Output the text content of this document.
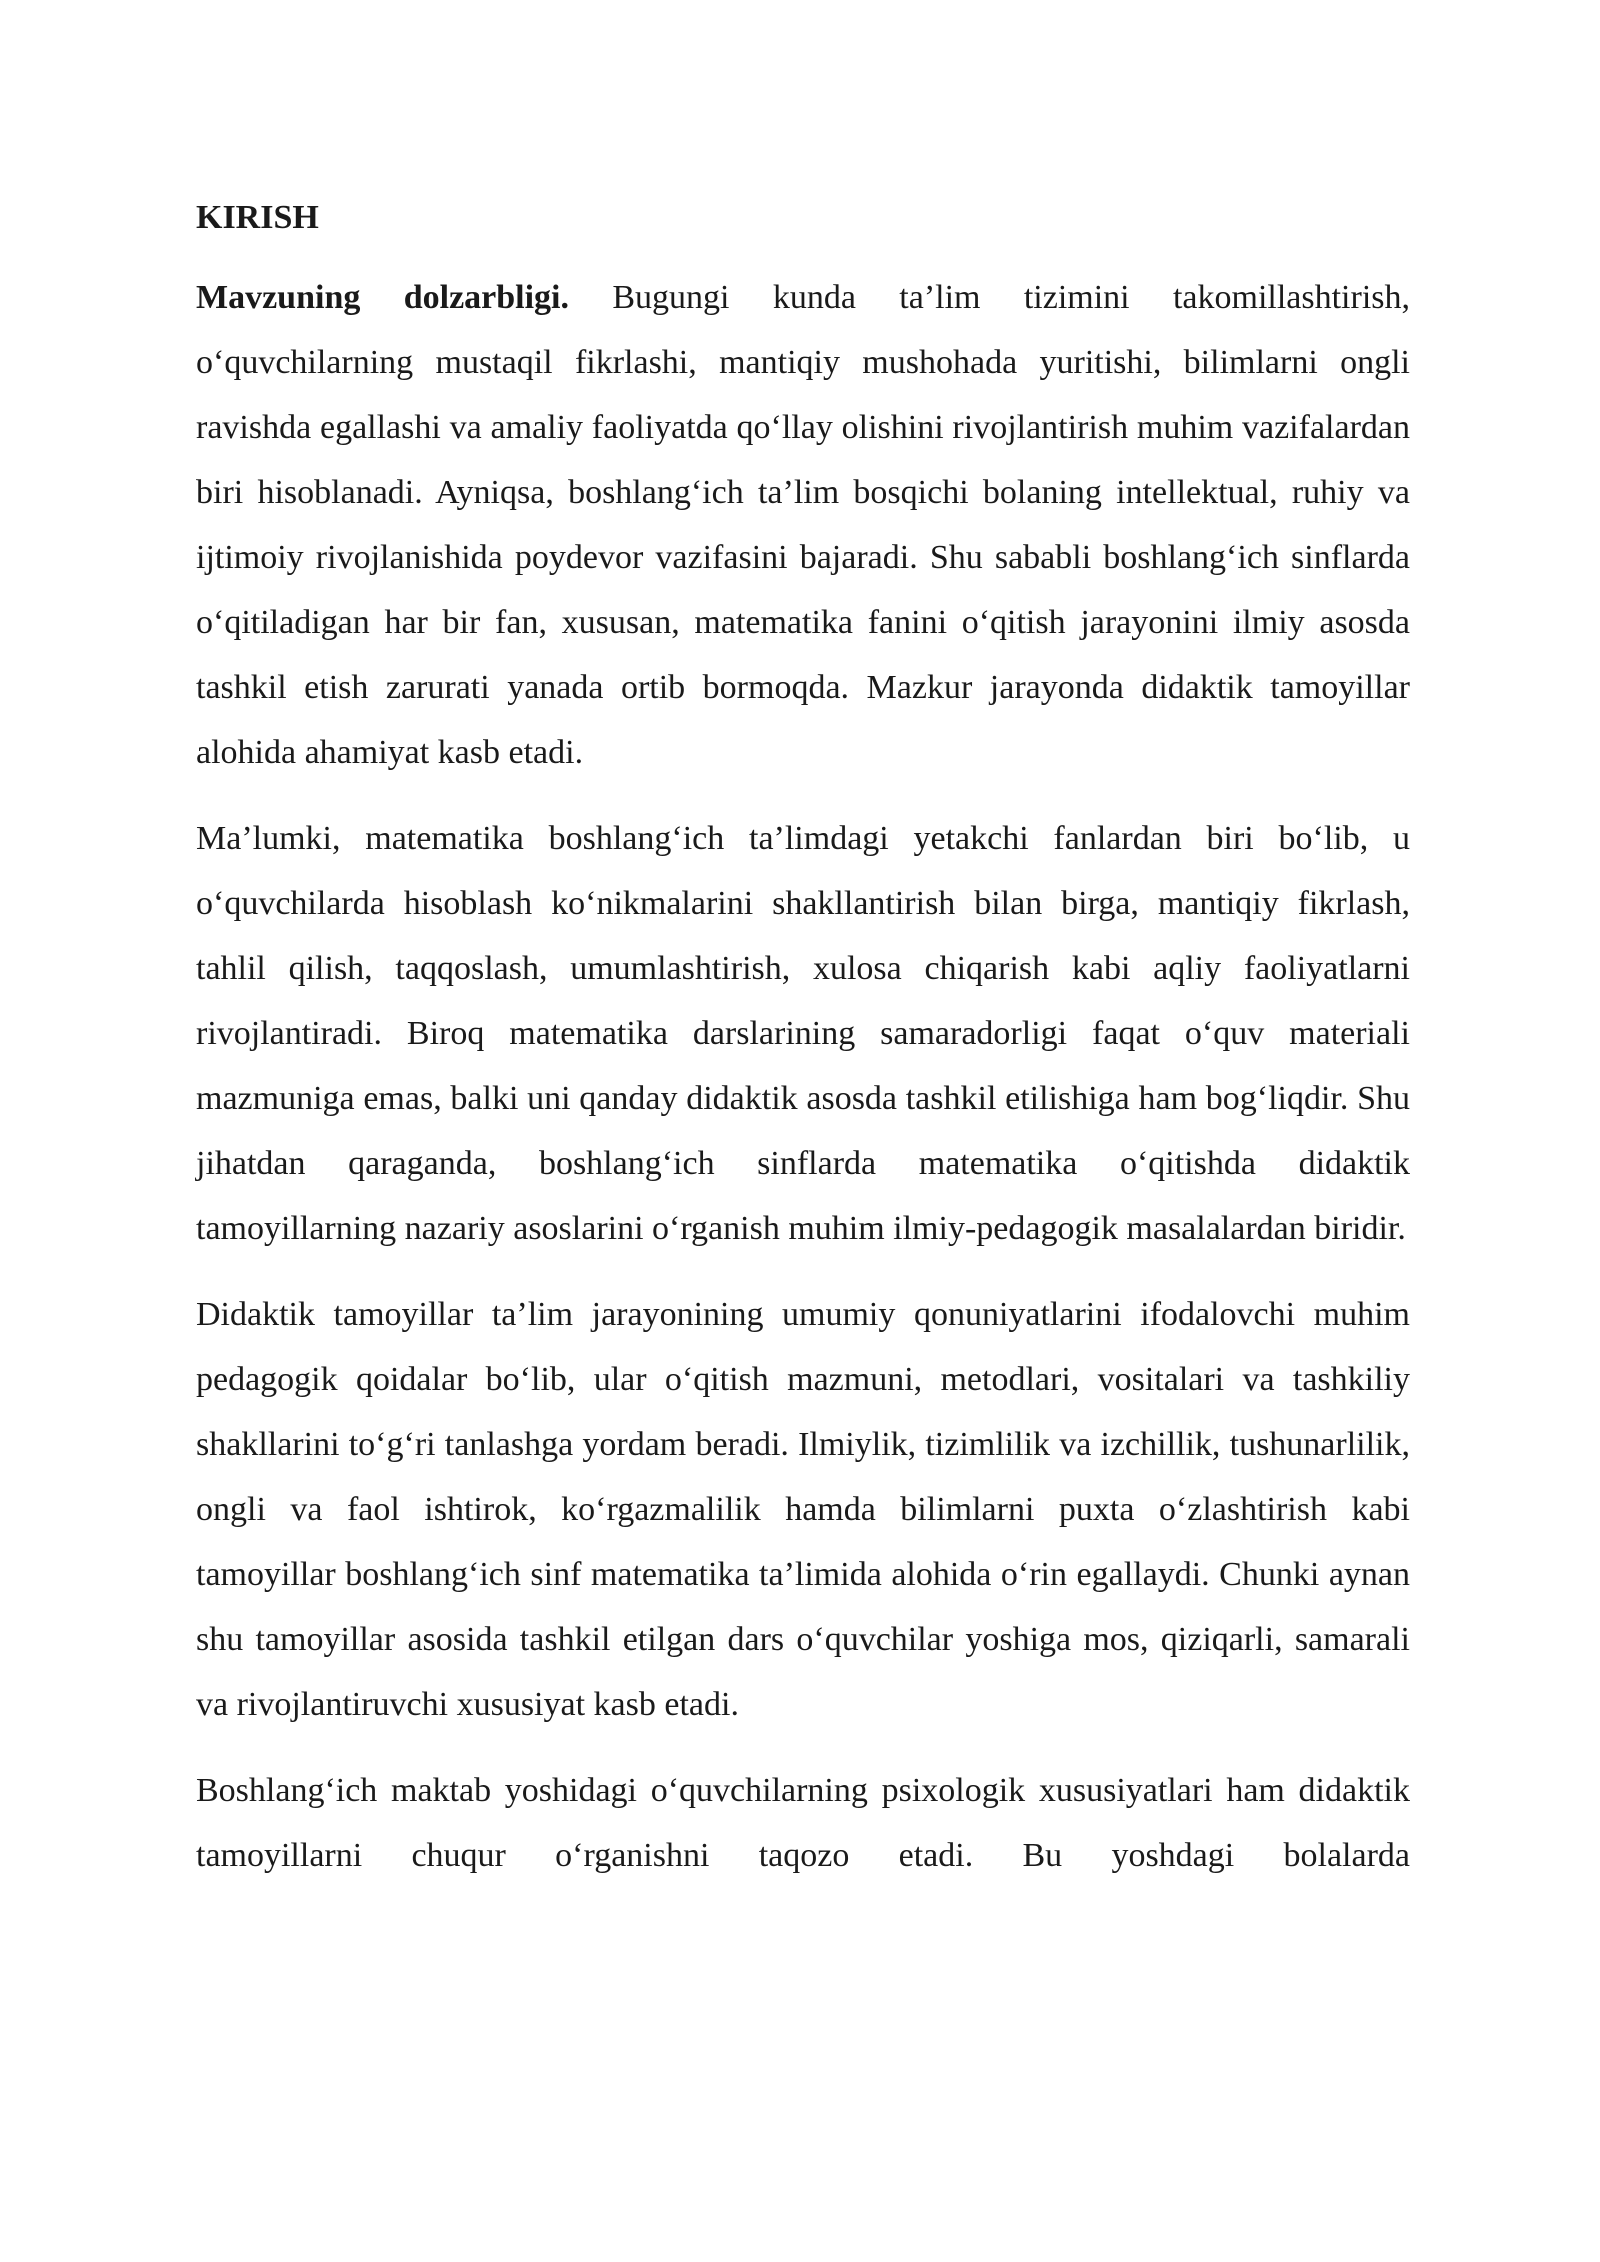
KIRISH

Mavzuning dolzarbligi. Bugungi kunda ta’lim tizimini takomillashtirish, o‘quvchilarning mustaqil fikrlashi, mantiqiy mushohada yuritishi, bilimlarni ongli ravishda egallashi va amaliy faoliyatda qo‘llay olishini rivojlantirish muhim vazifalardan biri hisoblanadi. Ayniqsa, boshlang‘ich ta’lim bosqichi bolaning intellektual, ruhiy va ijtimoiy rivojlanishida poydevor vazifasini bajaradi. Shu sababli boshlang‘ich sinflarda o‘qitiladigan har bir fan, xususan, matematika fanini o‘qitish jarayonini ilmiy asosda tashkil etish zarurati yanada ortib bormoqda. Mazkur jarayonda didaktik tamoyillar alohida ahamiyat kasb etadi.

Ma’lumki, matematika boshlang‘ich ta’limdagi yetakchi fanlardan biri bo‘lib, u o‘quvchilarda hisoblash ko‘nikmalarini shakllantirish bilan birga, mantiqiy fikrlash, tahlil qilish, taqqoslash, umumlashtirish, xulosa chiqarish kabi aqliy faoliyatlarni rivojlantiradi. Biroq matematika darslarining samaradorligi faqat o‘quv materiali mazmuniga emas, balki uni qanday didaktik asosda tashkil etilishiga ham bog‘liqdir. Shu jihatdan qaraganda, boshlang‘ich sinflarda matematika o‘qitishda didaktik tamoyillarning nazariy asoslarini o‘rganish muhim ilmiy-pedagogik masalalardan biridir.

Didaktik tamoyillar ta’lim jarayonining umumiy qonuniyatlarini ifodalovchi muhim pedagogik qoidalar bo‘lib, ular o‘qitish mazmuni, metodlari, vositalari va tashkiliy shakllarini to‘g‘ri tanlashga yordam beradi. Ilmiylik, tizimlilik va izchillik, tushunarlilik, ongli va faol ishtirok, ko‘rgazmalilik hamda bilimlarni puxta o‘zlashtirish kabi tamoyillar boshlang‘ich sinf matematika ta’limida alohida o‘rin egallaydi. Chunki aynan shu tamoyillar asosida tashkil etilgan dars o‘quvchilar yoshiga mos, qiziqarli, samarali va rivojlantiruvchi xususiyat kasb etadi.

Boshlang‘ich maktab yoshidagi o‘quvchilarning psixologik xususiyatlari ham didaktik tamoyillarni chuqur o‘rganishni taqozo etadi. Bu yoshdagi bolalarda
